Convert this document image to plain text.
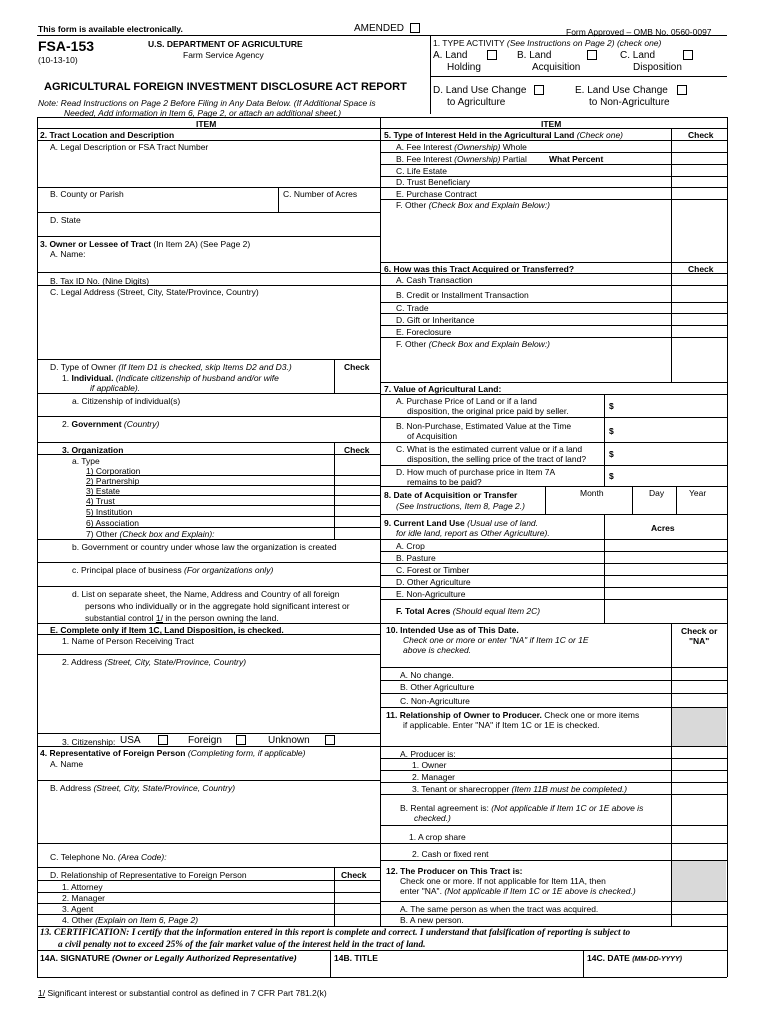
This form is available electronically.	AMENDED	Form Approved – OMB No. 0560-0097
FSA-153
(10-13-10)
U.S. DEPARTMENT OF AGRICULTURE
Farm Service Agency
AGRICULTURAL FOREIGN INVESTMENT DISCLOSURE ACT REPORT
Note: Read Instructions on Page 2 Before Filing in Any Data Below. (If Additional Space is
Needed, Add information in Item 6, Page 2, or attach an additional sheet.)
1. TYPE ACTIVITY (See Instructions on Page 2) (check one)
A. Land
Holding
B. Land
Acquisition
C. Land
Disposition
D. Land Use Change
to Agriculture
E. Land Use Change
to Non-Agriculture
ITEM	ITEM
2. Tract Location and Description
A. Legal Description or FSA Tract Number
B. County or Parish	C. Number of Acres
D. State
3. Owner or Lessee of Tract (In Item 2A) (See Page 2)
A. Name:
B. Tax ID No. (Nine Digits)
C. Legal Address (Street, City, State/Province, Country)
D. Type of Owner (If Item D1 is checked, skip Items D2 and D3.)	Check
1. Individual. (Indicate citizenship of husband and/or wife
if applicable).
a. Citizenship of individual(s)
2. Government (Country)
3. Organization	Check
a. Type
1) Corporation
2) Partnership
3) Estate
4) Trust
5) Institution
6) Association
7) Other (Check box and Explain):
b. Government or country under whose law the organization is created
c. Principal place of business (For organizations only)
d. List on separate sheet, the Name, Address and Country of all foreign
persons who individually or in the aggregate hold significant interest or
substantial control 1/ in the person owning the land.
E. Complete only if Item 1C, Land Disposition, is checked.
1. Name of Person Receiving Tract
2. Address (Street, City, State/Province, Country)
3. Citizenship: USA	Foreign	Unknown
4. Representative of Foreign Person (Completing form, if applicable)
A. Name
B. Address (Street, City, State/Province, Country)
C. Telephone No. (Area Code):
D. Relationship of Representative to Foreign Person	Check
1. Attorney
2. Manager
3. Agent
4. Other (Explain on Item 6, Page 2)
5. Type of Interest Held in the Agricultural Land (Check one)	Check
A. Fee Interest (Ownership) Whole
B. Fee Interest (Ownership) Partial	What Percent
C. Life Estate
D. Trust Beneficiary
E. Purchase Contract
F. Other (Check Box and Explain Below:)
6. How was this Tract Acquired or Transferred?	Check
A. Cash Transaction
B. Credit or Installment Transaction
C. Trade
D. Gift or Inheritance
E. Foreclosure
F. Other (Check Box and Explain Below:)
7. Value of Agricultural Land:
A. Purchase Price of Land or if a land
disposition, the original price paid by seller.	$
B. Non-Purchase, Estimated Value at the Time
of Acquisition	$
C. What is the estimated current value or if a land
disposition, the selling price of the tract of land?	$
D. How much of purchase price in Item 7A
remains to be paid?
$
8. Date of Acquisition or Transfer
(See Instructions, Item 8, Page 2.)
Month	Day	Year
9. Current Land Use (Usual use of land.
for idle land, report as Other Agriculture).	Acres
A. Crop
B. Pasture
C. Forest or Timber
D. Other Agriculture
E. Non-Agriculture
F. Total Acres (Should equal Item 2C)
10. Intended Use as of This Date.
Check one or more or enter "NA" if Item 1C or 1E
above is checked.
Check or
"NA"
A. No change.
B. Other Agriculture
C. Non-Agriculture
11. Relationship of Owner to Producer. Check one or more items
if applicable. Enter "NA" if Item 1C or 1E is checked.
A. Producer is:
1. Owner
2. Manager
3. Tenant or sharecropper (Item 11B must be completed.)
B. Rental agreement is: (Not applicable if Item 1C or 1E above is
checked.)
1. A crop share
2. Cash or fixed rent
12. The Producer on This Tract is:
Check one or more. If not applicable for Item 11A, then
enter "NA". (Not applicable if Item 1C or 1E above is checked.)
A. The same person as when the tract was acquired.
B. A new person.
13. CERTIFICATION: I certify that the information entered in this report is complete and correct. I understand that falsification of reporting is subject to
a civil penalty not to exceed 25% of the fair market value of the interest held in the tract of land.
14A. SIGNATURE (Owner or Legally Authorized Representative)	14B. TITLE	14C. DATE (MM-DD-YYYY)
1/ Significant interest or substantial control as defined in 7 CFR Part 781.2(k)
